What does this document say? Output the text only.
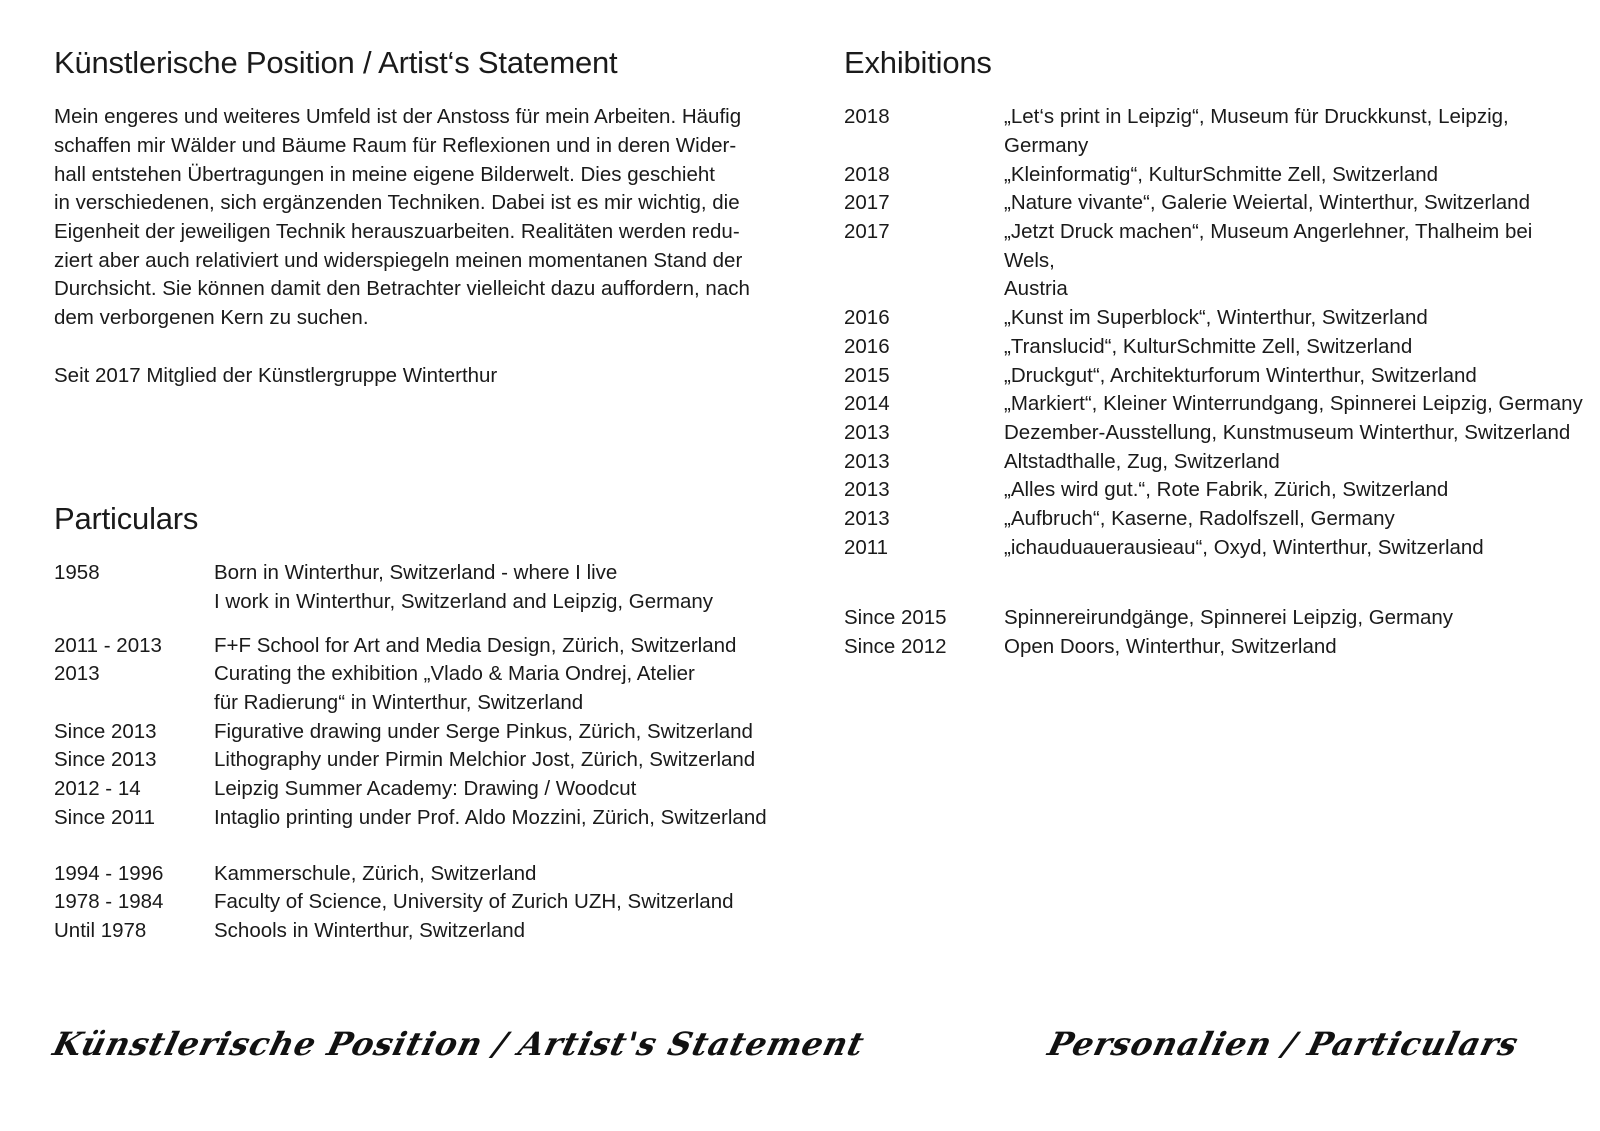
Künstlerische Position / Artist‘s Statement

Mein engeres und weiteres Umfeld ist der Anstoss für mein Arbeiten. Häufig

schaffen mir Wälder und Bäume Raum für Reflexionen und in deren Wider-

hall entstehen Übertragungen in meine eigene Bilderwelt. Dies geschieht

in verschiedenen, sich ergänzenden Techniken. Dabei ist es mir wichtig, die

Eigenheit der jeweiligen Technik herauszuarbeiten. Realitäten werden redu-

ziert aber auch relativiert und widerspiegeln meinen momentanen Stand der

Durchsicht. Sie können damit den Betrachter vielleicht dazu auffordern, nach

dem verborgenen Kern zu suchen.

Seit 2017 Mitglied der Künstlergruppe Winterthur
Particulars
1958	Born in Winterthur, Switzerland - where I live
I work in Winterthur, Switzerland and Leipzig, Germany
2011 - 2013	F+F School for Art and Media Design, Zürich, Switzerland
2013	Curating the exhibition „Vlado & Maria Ondrej, Atelier
für Radierung“ in Winterthur, Switzerland
Since 2013	Figurative drawing under Serge Pinkus, Zürich, Switzerland
Since 2013	Lithography under Pirmin Melchior Jost, Zürich, Switzerland
2012 - 14	Leipzig Summer Academy: Drawing / Woodcut
Since 2011	Intaglio printing under Prof. Aldo Mozzini, Zürich, Switzerland
1994 - 1996	Kammerschule, Zürich, Switzerland
1978 - 1984	Faculty of Science, University of Zurich UZH, Switzerland
Until 1978	Schools in Winterthur, Switzerland
Exhibitions
2018	„Let‘s print in Leipzig“, Museum für Druckkunst, Leipzig, Germany
2018	„Kleinformatig“, KulturSchmitte Zell, Switzerland
2017	„Nature vivante“, Galerie Weiertal, Winterthur, Switzerland
2017	„Jetzt Druck machen“, Museum Angerlehner, Thalheim bei Wels,
Austria
2016	„Kunst im Superblock“, Winterthur, Switzerland
2016	„Translucid“, KulturSchmitte Zell, Switzerland
2015	„Druckgut“, Architekturforum Winterthur, Switzerland
2014	„Markiert“, Kleiner Winterrundgang, Spinnerei Leipzig, Germany
2013	Dezember-Ausstellung, Kunstmuseum Winterthur, Switzerland
2013	Altstadthalle, Zug, Switzerland
2013	„Alles wird gut.“, Rote Fabrik, Zürich, Switzerland
2013	„Aufbruch“, Kaserne, Radolfszell, Germany
2011	„ichauduauerausieau“, Oxyd, Winterthur, Switzerland
Since 2015	Spinnereirundgänge, Spinnerei Leipzig, Germany
Since 2012	Open Doors, Winterthur, Switzerland
Künstlerische Position / Artist's Statement	Personalien / Particulars
